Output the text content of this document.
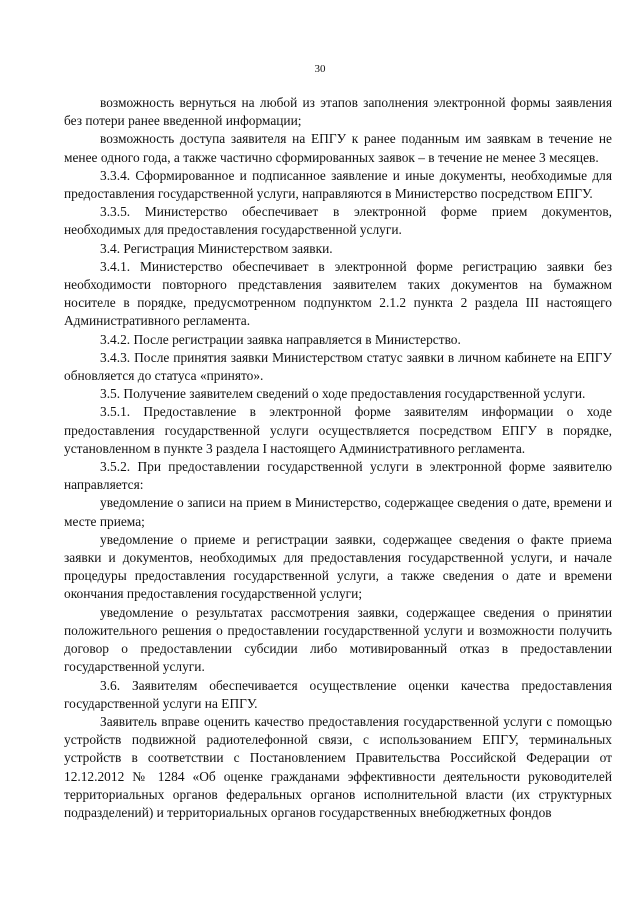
30

возможность вернуться на любой из этапов заполнения электронной формы заявления без потери ранее введенной информации;

возможность доступа заявителя на ЕПГУ к ранее поданным им заявкам в течение не менее одного года, а также частично сформированных заявок – в течение не менее 3 месяцев.

3.3.4. Сформированное и подписанное заявление и иные документы, необходимые для предоставления государственной услуги, направляются в Министерство посредством ЕПГУ.

3.3.5. Министерство обеспечивает в электронной форме прием документов, необходимых для предоставления государственной услуги.

3.4. Регистрация Министерством заявки.

3.4.1. Министерство обеспечивает в электронной форме регистрацию заявки без необходимости повторного представления заявителем таких документов на бумажном носителе в порядке, предусмотренном подпунктом 2.1.2 пункта 2 раздела III настоящего Административного регламента.

3.4.2. После регистрации заявка направляется в Министерство.

3.4.3. После принятия заявки Министерством статус заявки в личном кабинете на ЕПГУ обновляется до статуса «принято».

3.5. Получение заявителем сведений о ходе предоставления государственной услуги.

3.5.1. Предоставление в электронной форме заявителям информации о ходе предоставления государственной услуги осуществляется посредством ЕПГУ в порядке, установленном в пункте 3 раздела I настоящего Административного регламента.

3.5.2. При предоставлении государственной услуги в электронной форме заявителю направляется:

уведомление о записи на прием в Министерство, содержащее сведения о дате, времени и месте приема;

уведомление о приеме и регистрации заявки, содержащее сведения о факте приема заявки и документов, необходимых для предоставления государственной услуги, и начале процедуры предоставления государственной услуги, а также сведения о дате и времени окончания предоставления государственной услуги;

уведомление о результатах рассмотрения заявки, содержащее сведения о принятии положительного решения о предоставлении государственной услуги и возможности получить договор о предоставлении субсидии либо мотивированный отказ в предоставлении государственной услуги.

3.6. Заявителям обеспечивается осуществление оценки качества предоставления государственной услуги на ЕПГУ.

Заявитель вправе оценить качество предоставления государственной услуги с помощью устройств подвижной радиотелефонной связи, с использованием ЕПГУ, терминальных устройств в соответствии с Постановлением Правительства Российской Федерации от 12.12.2012 № 1284 «Об оценке гражданами эффективности деятельности руководителей территориальных органов федеральных органов исполнительной власти (их структурных подразделений) и территориальных органов государственных внебюджетных фондов
